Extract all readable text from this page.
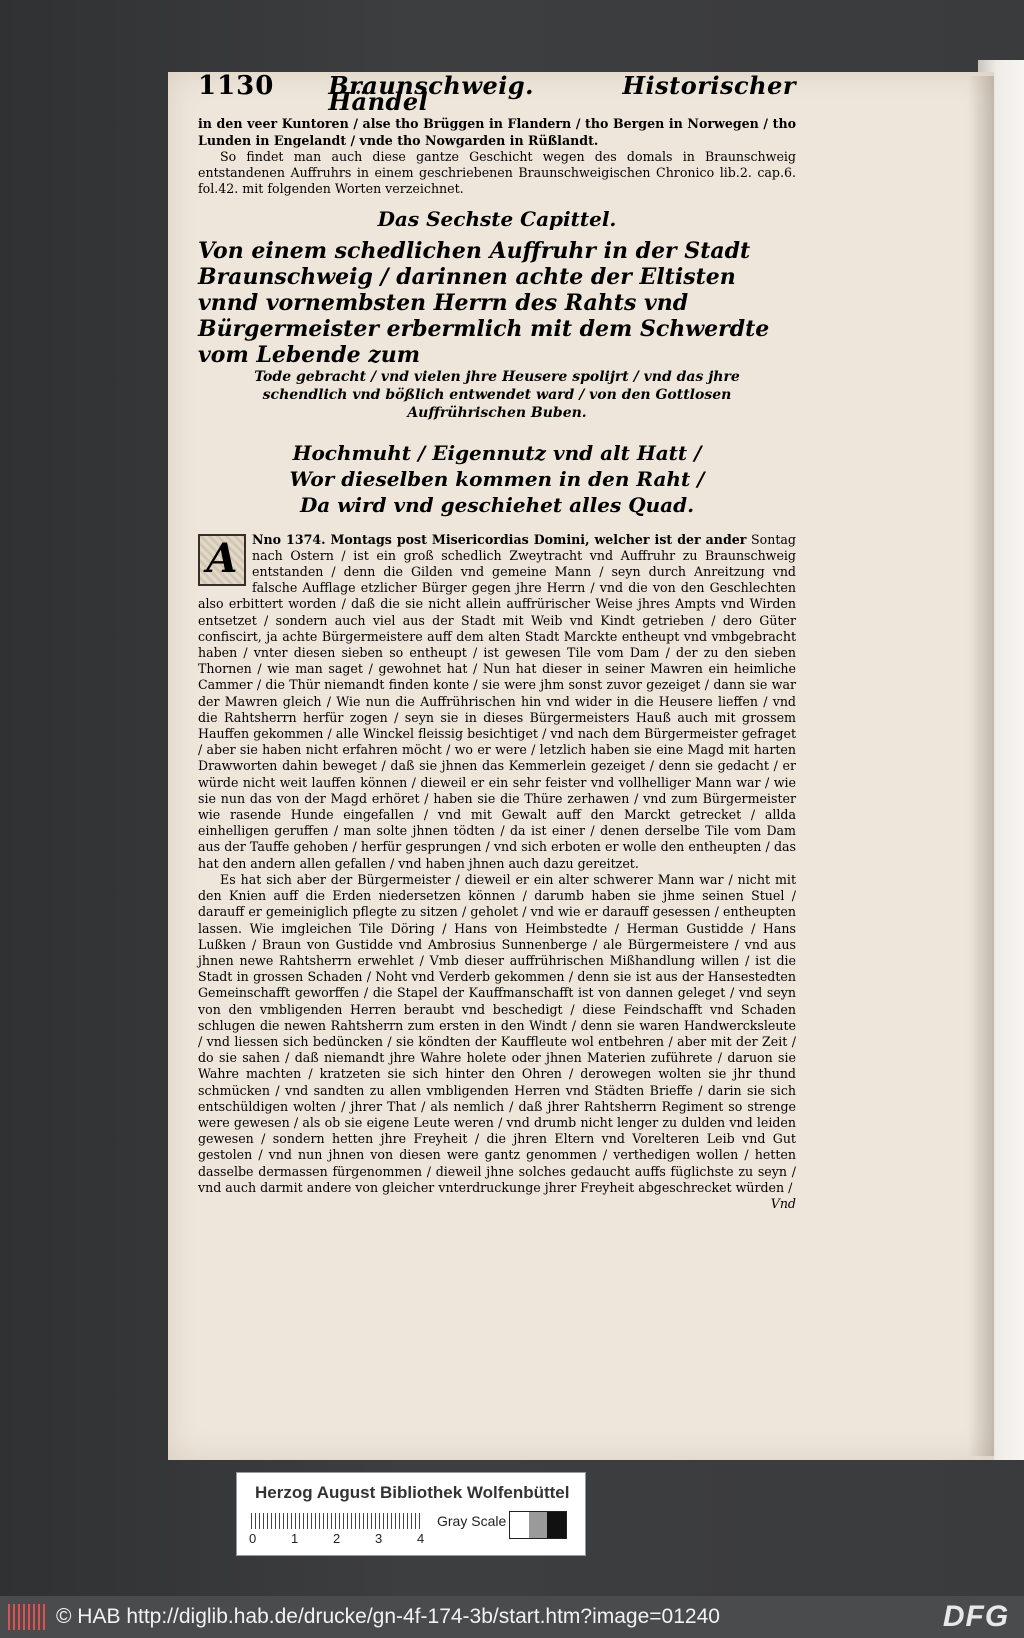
1130 Braunschweig. Historischer Händel

in den veer Kuntoren / alse tho Brüggen in Flandern / tho Bergen in Norwegen / tho Lunden in Engelandt / vnde tho Nowgarden in Rüßlandt.

So findet man auch diese gantze Geschicht wegen des domals in Braunschweig entstandenen Auffruhrs in einem geschriebenen Braunschweigischen Chronico lib.2. cap.6. fol.42. mit folgenden Worten verzeichnet.

Das Sechste Capittel.

Von einem schedlichen Auffruhr in der Stadt Braunschweig / darinnen achte der Eltisten vnnd vornembsten Herrn des Rahts vnd Bürgermeister erbermlich mit dem Schwerdte vom Lebende zum

Tode gebracht / vnd vielen jhre Heusere spolijrt / vnd das jhre schendlich vnd bößlich entwendet ward / von den Gottlosen Auffrührischen Buben.

Hochmuht / Eigennutz vnd alt Hatt /
Wor dieselben kommen in den Raht /
Da wird vnd geschiehet alles Quad.
A	Nno 1374. Montags post Misericordias Domini, welcher ist der ander Sontag nach Ostern / ist ein groß schedlich Zweytracht vnd Auffruhr zu Braunschweig entstanden / denn die Gilden vnd gemeine Mann / seyn durch Anreitzung vnd falsche Aufflage etzlicher Bürger gegen jhre Herrn / vnd die von den Geschlechten also erbittert worden / daß die sie nicht allein auffrürischer Weise jhres Ampts vnd Wirden entsetzet / sondern auch viel aus der Stadt mit Weib vnd Kindt getrieben / dero Güter confiscirt, ja achte Bürgermeistere auff dem alten Stadt Marckte entheupt vnd vmbgebracht haben / vnter diesen sieben so entheupt / ist gewesen Tile vom Dam / der zu den sieben Thornen / wie man saget / gewohnet hat / Nun hat dieser in seiner Mawren ein heimliche Cammer / die Thür niemandt finden konte / sie were jhm sonst zuvor gezeiget / dann sie war der Mawren gleich / Wie nun die Auffrührischen hin vnd wider in die Heusere lieffen / vnd die Rahtsherrn herfür zogen / seyn sie in dieses Bürgermeisters Hauß auch mit grossem Hauffen gekommen / alle Winckel fleissig besichtiget / vnd nach dem Bürgermeister gefraget / aber sie haben nicht erfahren möcht / wo er were / letzlich haben sie eine Magd mit harten Drawworten dahin beweget / daß sie jhnen das Kemmerlein gezeiget / denn sie gedacht / er würde nicht weit lauffen können / dieweil er ein sehr feister vnd vollhelliger Mann war / wie sie nun das von der Magd erhöret / haben sie die Thüre zerhawen / vnd zum Bürgermeister wie rasende Hunde eingefallen / vnd mit Gewalt auff den Marckt getrecket / allda einhelligen geruffen / man solte jhnen tödten / da ist einer / denen derselbe Tile vom Dam aus der Tauffe gehoben / herfür gesprungen / vnd sich erboten er wolle den entheupten / das hat den andern allen gefallen / vnd haben jhnen auch dazu gereitzet.

Es hat sich aber der Bürgermeister / dieweil er ein alter schwerer Mann war / nicht mit den Knien auff die Erden niedersetzen können / darumb haben sie jhme seinen Stuel / darauff er gemeiniglich pflegte zu sitzen / geholet / vnd wie er darauff gesessen / entheupten lassen. Wie imgleichen Tile Döring / Hans von Heimbstedte / Herman Gustidde / Hans Lußken / Braun von Gustidde vnd Ambrosius Sunnenberge / ale Bürgermeistere / vnd aus jhnen newe Rahtsherrn erwehlet / Vmb dieser auffrührischen Mißhandlung willen / ist die Stadt in grossen Schaden / Noht vnd Verderb gekommen / denn sie ist aus der Hansestedten Gemeinschafft geworffen / die Stapel der Kauffmanschafft ist von dannen geleget / vnd seyn von den vmbligenden Herren beraubt vnd beschedigt / diese Feindschafft vnd Schaden schlugen die newen Rahtsherrn zum ersten in den Windt / denn sie waren Handwercksleute / vnd liessen sich bedüncken / sie köndten der Kauffleute wol entbehren / aber mit der Zeit / do sie sahen / daß niemandt jhre Wahre holete oder jhnen Materien zuführete / daruon sie Wahre machten / kratzeten sie sich hinter den Ohren / derowegen wolten sie jhr thund schmücken / vnd sandten zu allen vmbligenden Herren vnd Städten Brieffe / darin sie sich entschüldigen wolten / jhrer That / als nemlich / daß jhrer Rahtsherrn Regiment so strenge were gewesen / als ob sie eigene Leute weren / vnd drumb nicht lenger zu dulden vnd leiden gewesen / sondern hetten jhre Freyheit / die jhren Eltern vnd Vorelteren Leib vnd Gut gestolen / vnd nun jhnen von diesen were gantz genommen / verthedigen wollen / hetten dasselbe dermassen fürgenommen / dieweil jhne solches gedaucht auffs füglichste zu seyn / vnd auch darmit andere von gleicher vnterdruckunge jhrer Freyheit abgeschrecket würden /

Vnd

Herzog August Bibliothek Wolfenbüttel
0	1	2	3	4
Gray Scale
© HAB http://diglib.hab.de/drucke/gn-4f-174-3b/start.htm?image=01240	DFG
